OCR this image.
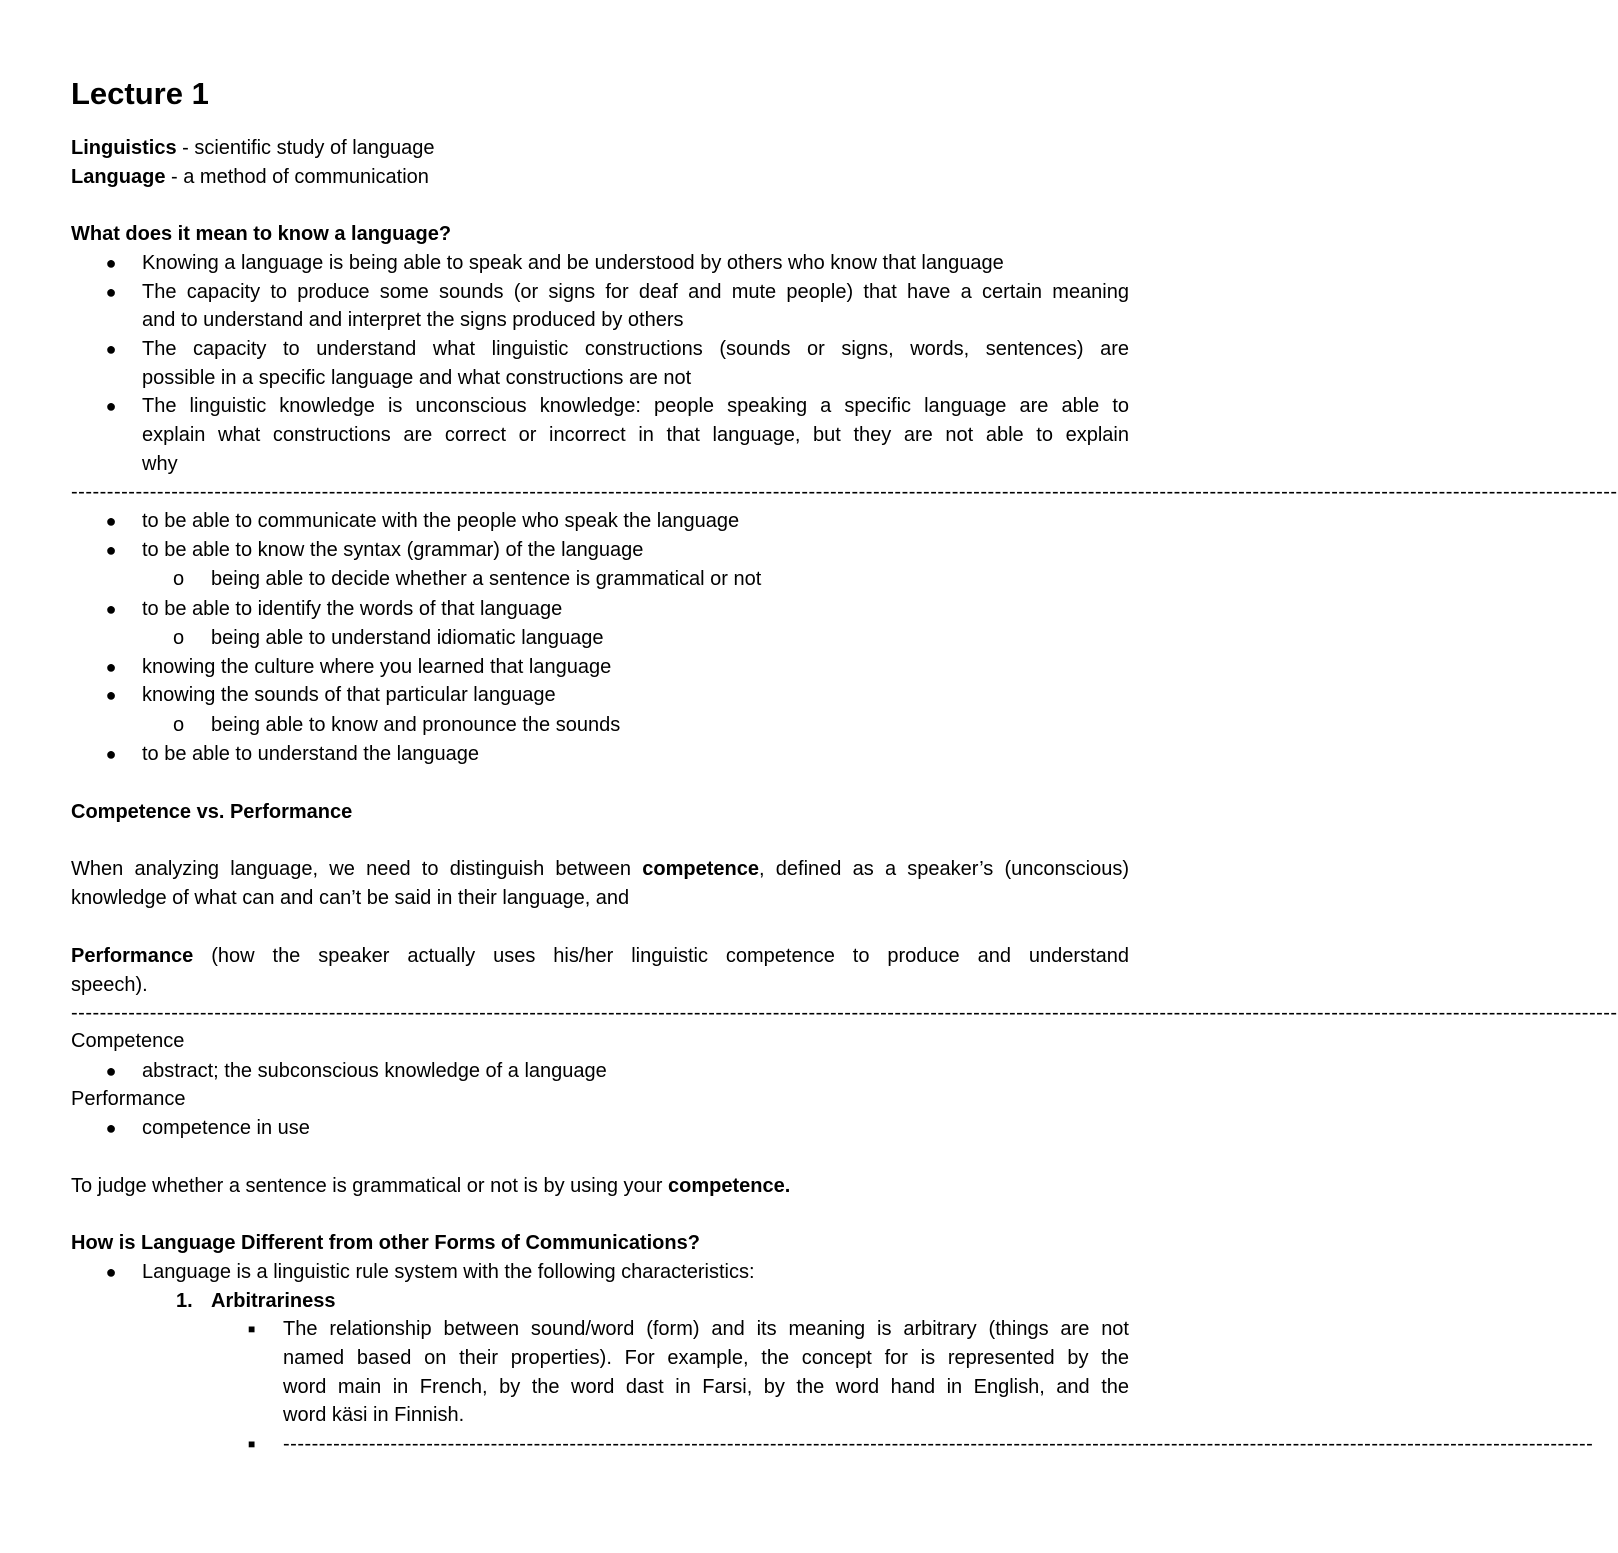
Lecture 1
Linguistics - scientific study of language
Language - a method of communication
What does it mean to know a language?
● Knowing a language is being able to speak and be understood by others who know that language
● The capacity to produce some sounds (or signs for deaf and mute people) that have a certain meaning
and to understand and interpret the signs produced by others
● The capacity to understand what linguistic constructions (sounds or signs, words, sentences) are
possible in a specific language and what constructions are not
● The linguistic knowledge is unconscious knowledge: people speaking a specific language are able to
explain what constructions are correct or incorrect in that language, but they are not able to explain
why
------------------------------------------------------------------------------------------------------------------------------------------------------------------------------------------------------------------------
● to be able to communicate with the people who speak the language
● to be able to know the syntax (grammar) of the language
o being able to decide whether a sentence is grammatical or not
● to be able to identify the words of that language
o being able to understand idiomatic language
● knowing the culture where you learned that language
● knowing the sounds of that particular language
o being able to know and pronounce the sounds
● to be able to understand the language
Competence vs. Performance
When analyzing language, we need to distinguish between competence, defined as a speaker’s (unconscious)
knowledge of what can and can’t be said in their language, and
Performance (how the speaker actually uses his/her linguistic competence to produce and understand
speech).
------------------------------------------------------------------------------------------------------------------------------------------------------------------------------------------------------------------------
Competence
● abstract; the subconscious knowledge of a language
Performance
● competence in use
To judge whether a sentence is grammatical or not is by using your competence.
How is Language Different from other Forms of Communications?
● Language is a linguistic rule system with the following characteristics:
1. Arbitrariness
■ The relationship between sound/word (form) and its meaning is arbitrary (things are not
named based on their properties). For example, the concept for is represented by the
word main in French, by the word dast in Farsi, by the word hand in English, and the
word käsi in Finnish.
■ ---------------------------------------------------------------------------------------------------------------------------------------------------------------------------------------
